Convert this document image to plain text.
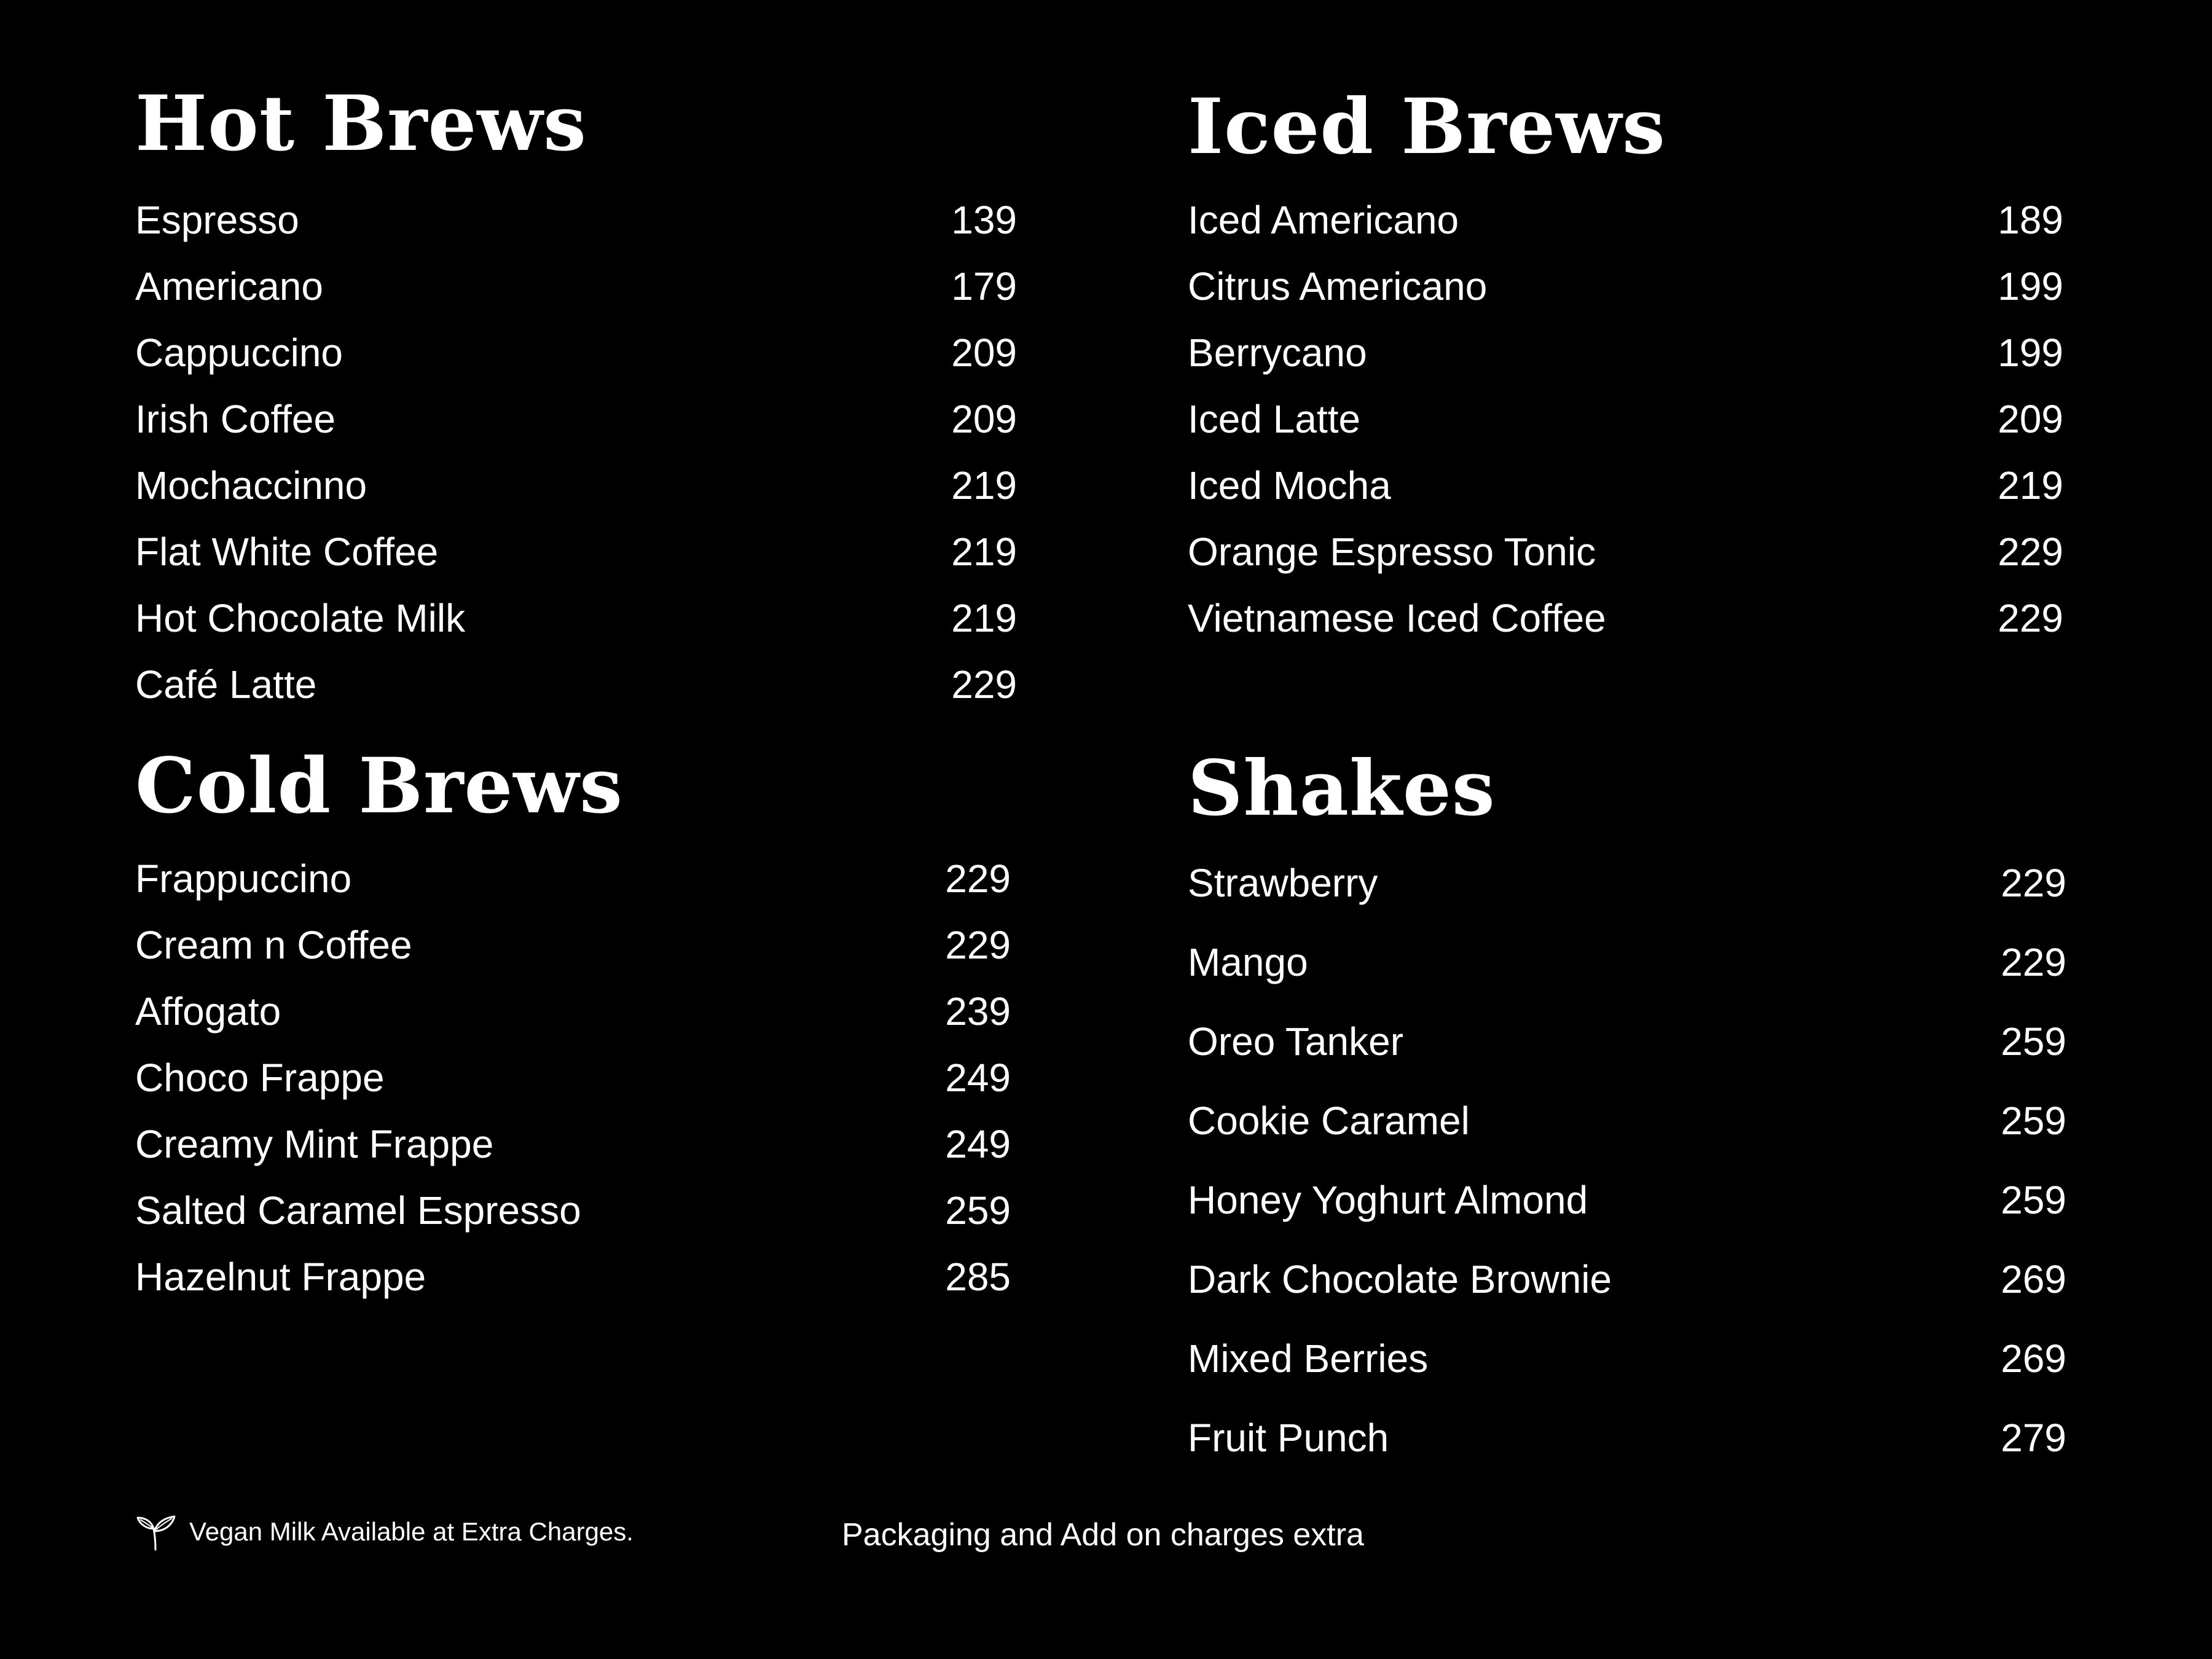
Hot Brews
Espresso	139
Americano	179
Cappuccino	209
Irish Coffee	209
Mochaccinno	219
Flat White Coffee	219
Hot Chocolate Milk	219
Café Latte	229
Iced Brews
Iced Americano	189
Citrus Americano	199
Berrycano	199
Iced Latte	209
Iced Mocha	219
Orange Espresso Tonic	229
Vietnamese Iced Coffee	229
Cold Brews
Frappuccino	229
Cream n Coffee	229
Affogato	239
Choco Frappe	249
Creamy Mint Frappe	249
Salted Caramel Espresso	259
Hazelnut Frappe	285
Shakes
Strawberry	229
Mango	229
Oreo Tanker	259
Cookie Caramel	259
Honey Yoghurt Almond	259
Dark Chocolate Brownie	269
Mixed Berries	269
Fruit Punch	279
Vegan Milk Available at Extra Charges.	Packaging and Add on charges extra
